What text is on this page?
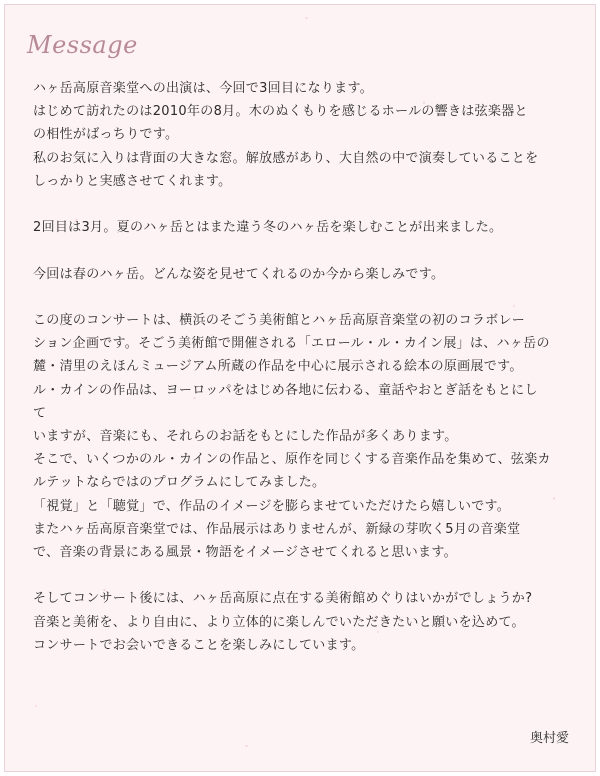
Message

ハヶ岳高原音楽堂への出演は、今回で3回目になります。

はじめて訪れたのは2010年の8月。木のぬくもりを感じるホールの響きは弦楽器と

の相性がばっちりです。

私のお気に入りは背面の大きな窓。解放感があり、大自然の中で演奏していることを

しっかりと実感させてくれます。

2回目は3月。夏のハヶ岳とはまた違う冬のハヶ岳を楽しむことが出来ました。

今回は春のハヶ岳。どんな姿を見せてくれるのか今から楽しみです。

この度のコンサートは、横浜のそごう美術館とハヶ岳高原音楽堂の初のコラボレー

ション企画です。そごう美術館で開催される「エロール・ル・カイン展」は、ハヶ岳の

麓・清里のえほんミュージアム所蔵の作品を中心に展示される絵本の原画展です。

ル・カインの作品は、ヨーロッパをはじめ各地に伝わる、童話やおとぎ話をもとにし

て

いますが、音楽にも、それらのお話をもとにした作品が多くあります。

そこで、いくつかのル・カインの作品と、原作を同じくする音楽作品を集めて、弦楽カ

ルテットならではのプログラムにしてみました。

「視覚」と「聴覚」で、作品のイメージを膨らませていただけたら嬉しいです。

またハヶ岳高原音楽堂では、作品展示はありませんが、新緑の芽吹く5月の音楽堂

で、音楽の背景にある風景・物語をイメージさせてくれると思います。

そしてコンサート後には、ハヶ岳高原に点在する美術館めぐりはいかがでしょうか?

音楽と美術を、より自由に、より立体的に楽しんでいただきたいと願いを込めて。

コンサートでお会いできることを楽しみにしています。

奥村愛
